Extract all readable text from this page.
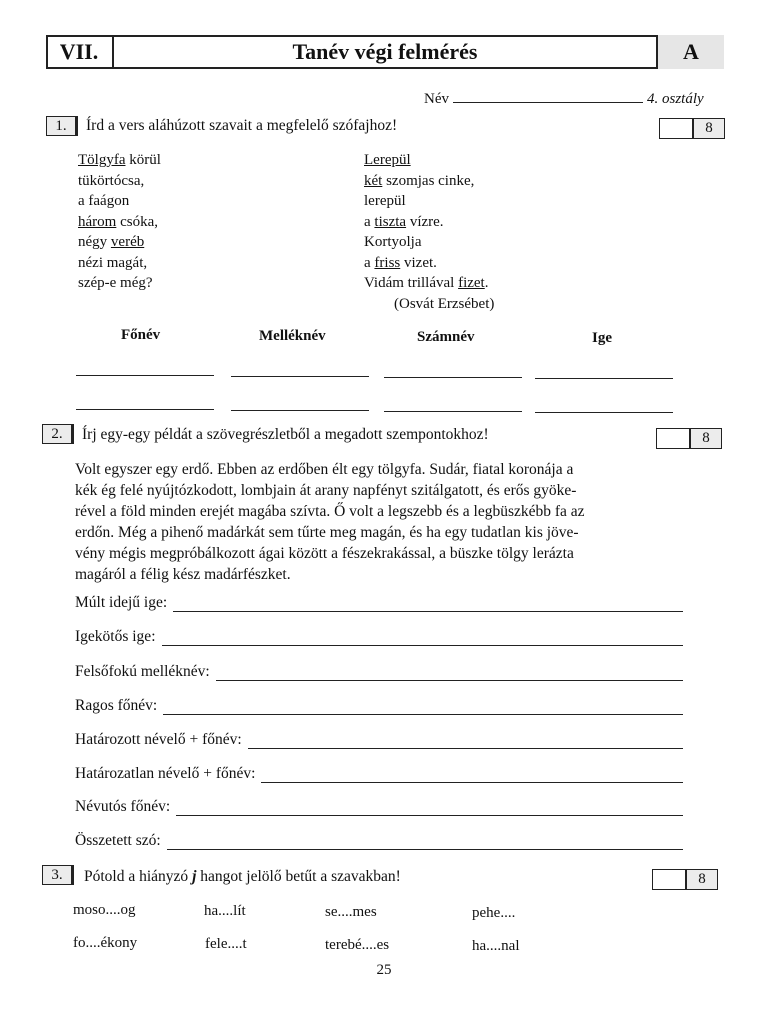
VII.	Tanév végi felmérés	A
Név	4. osztály
1.	Írd a vers aláhúzott szavait a megfelelő szófajhoz!	8
Tölgyfa körül
tükörtócsa,
a faágon
három csóka,
négy veréb
nézi magát,
szép-e még?
Lerepül
két szomjas cinke,
lerepül
a tiszta vízre.
Kortyolja
a friss vizet.
Vidám trillával fizet.
(Osvát Erzsébet)
Főnév	Melléknév	Számnév	Ige
2.	Írj egy-egy példát a szövegrészletből a megadott szempontokhoz!	8
Volt egyszer egy erdő. Ebben az erdőben élt egy tölgyfa. Sudár, fiatal koronája a
kék ég felé nyújtózkodott, lombjain át arany napfényt szitálgatott, és erős gyöke-
rével a föld minden erejét magába szívta. Ő volt a legszebb és a legbüszkébb fa az
erdőn. Még a pihenő madárkát sem tűrte meg magán, és ha egy tudatlan kis jöve-
vény mégis megpróbálkozott ágai között a fészekrakással, a büszke tölgy lerázta
magáról a félig kész madárfészket.
Múlt idejű ige:
Igekötős ige:
Felsőfokú melléknév:
Ragos főnév:
Határozott névelő + főnév:
Határozatlan névelő + főnév:
Névutós főnév:
Összetett szó:
3.	Pótold a hiányzó j hangot jelölő betűt a szavakban!	8
moso....og	ha....lít	se....mes	pehe....
fo....ékony	fele....t	terebé....es	ha....nal
25
